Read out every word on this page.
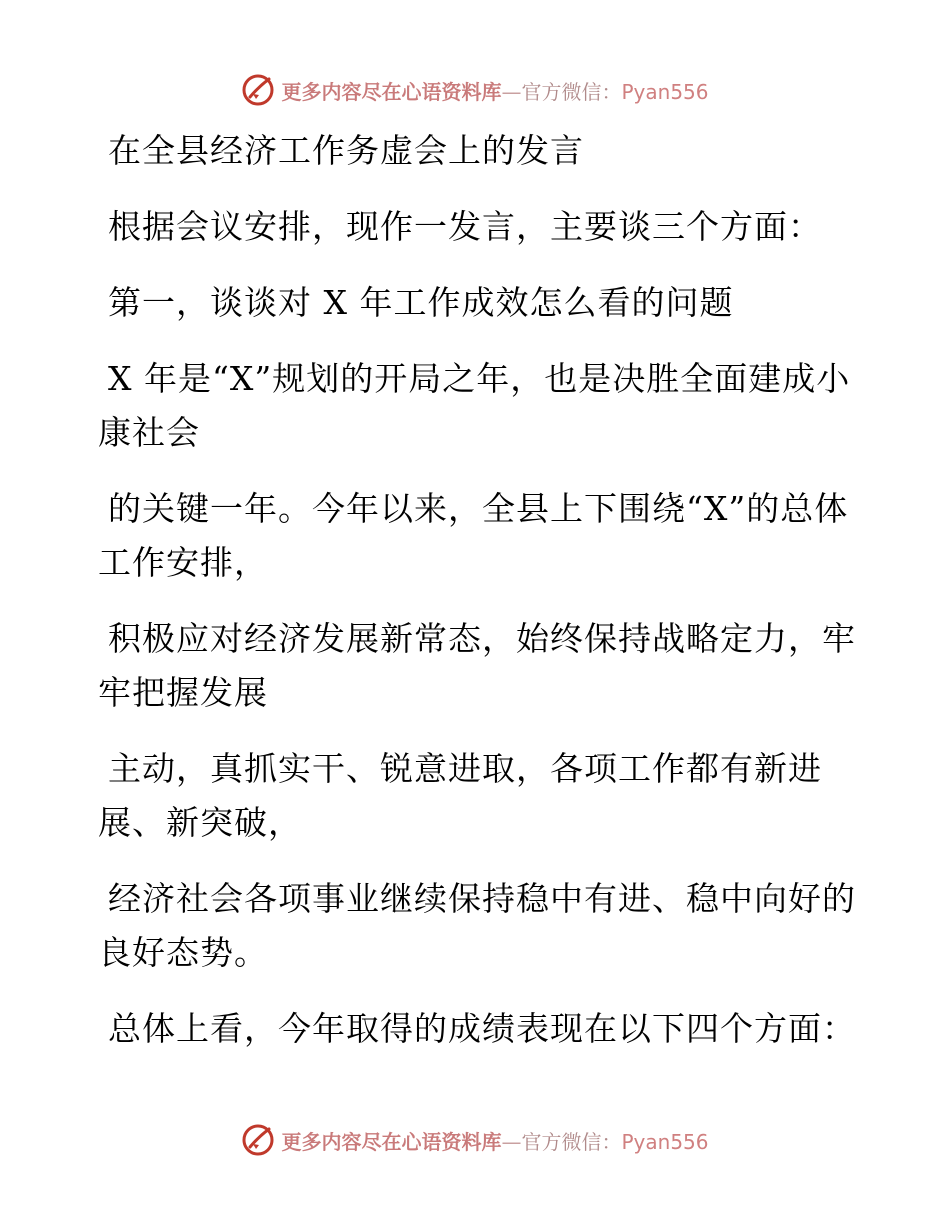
更多内容尽在心语资料库—官方微信：Pyan556

在全县经济工作务虚会上的发言

根据会议安排，现作一发言，主要谈三个方面：

第一，谈谈对 X 年工作成效怎么看的问题

X 年是“X”规划的开局之年，也是决胜全面建成小康社会

的关键一年。今年以来，全县上下围绕“X”的总体工作安排，

积极应对经济发展新常态，始终保持战略定力，牢牢把握发展

主动，真抓实干、锐意进取，各项工作都有新进展、新突破，

经济社会各项事业继续保持稳中有进、稳中向好的良好态势。

总体上看，今年取得的成绩表现在以下四个方面：

更多内容尽在心语资料库—官方微信：Pyan556
